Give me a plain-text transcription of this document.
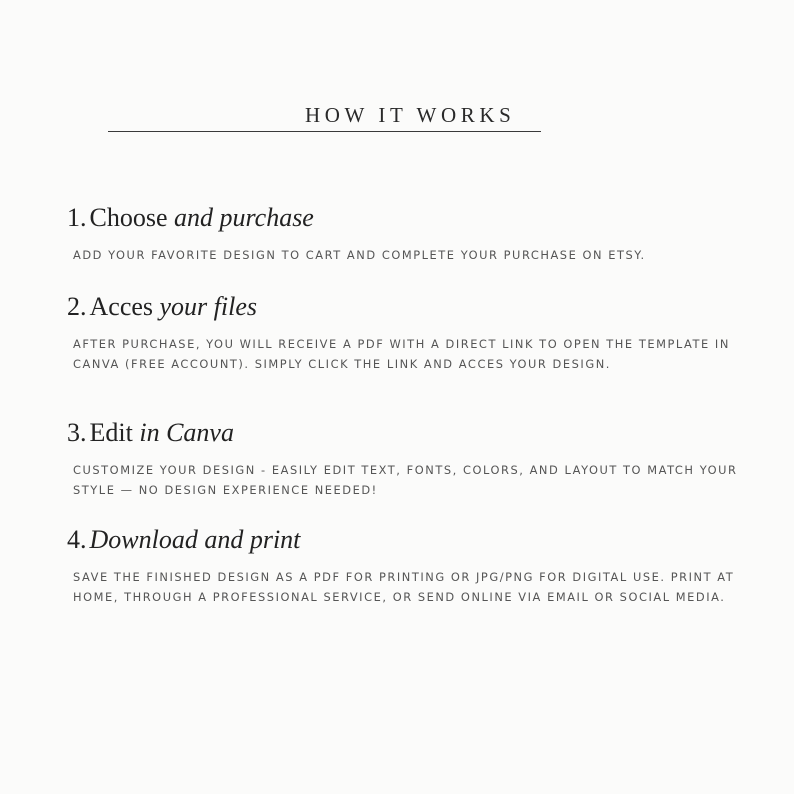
HOW IT WORKS
1. Choose and purchase

ADD YOUR FAVORITE DESIGN TO CART AND COMPLETE YOUR PURCHASE ON ETSY.

2. Acces your files

AFTER PURCHASE, YOU WILL RECEIVE A PDF WITH A DIRECT LINK TO OPEN THE TEMPLATE IN CANVA (FREE ACCOUNT). SIMPLY CLICK THE LINK AND ACCES YOUR DESIGN.

3. Edit in Canva

CUSTOMIZE YOUR DESIGN - EASILY EDIT TEXT, FONTS, COLORS, AND LAYOUT TO MATCH YOUR STYLE — NO DESIGN EXPERIENCE NEEDED!

4. Download and print

SAVE THE FINISHED DESIGN AS A PDF FOR PRINTING OR JPG/PNG FOR DIGITAL USE. PRINT AT HOME, THROUGH A PROFESSIONAL SERVICE, OR SEND ONLINE VIA EMAIL OR SOCIAL MEDIA.
